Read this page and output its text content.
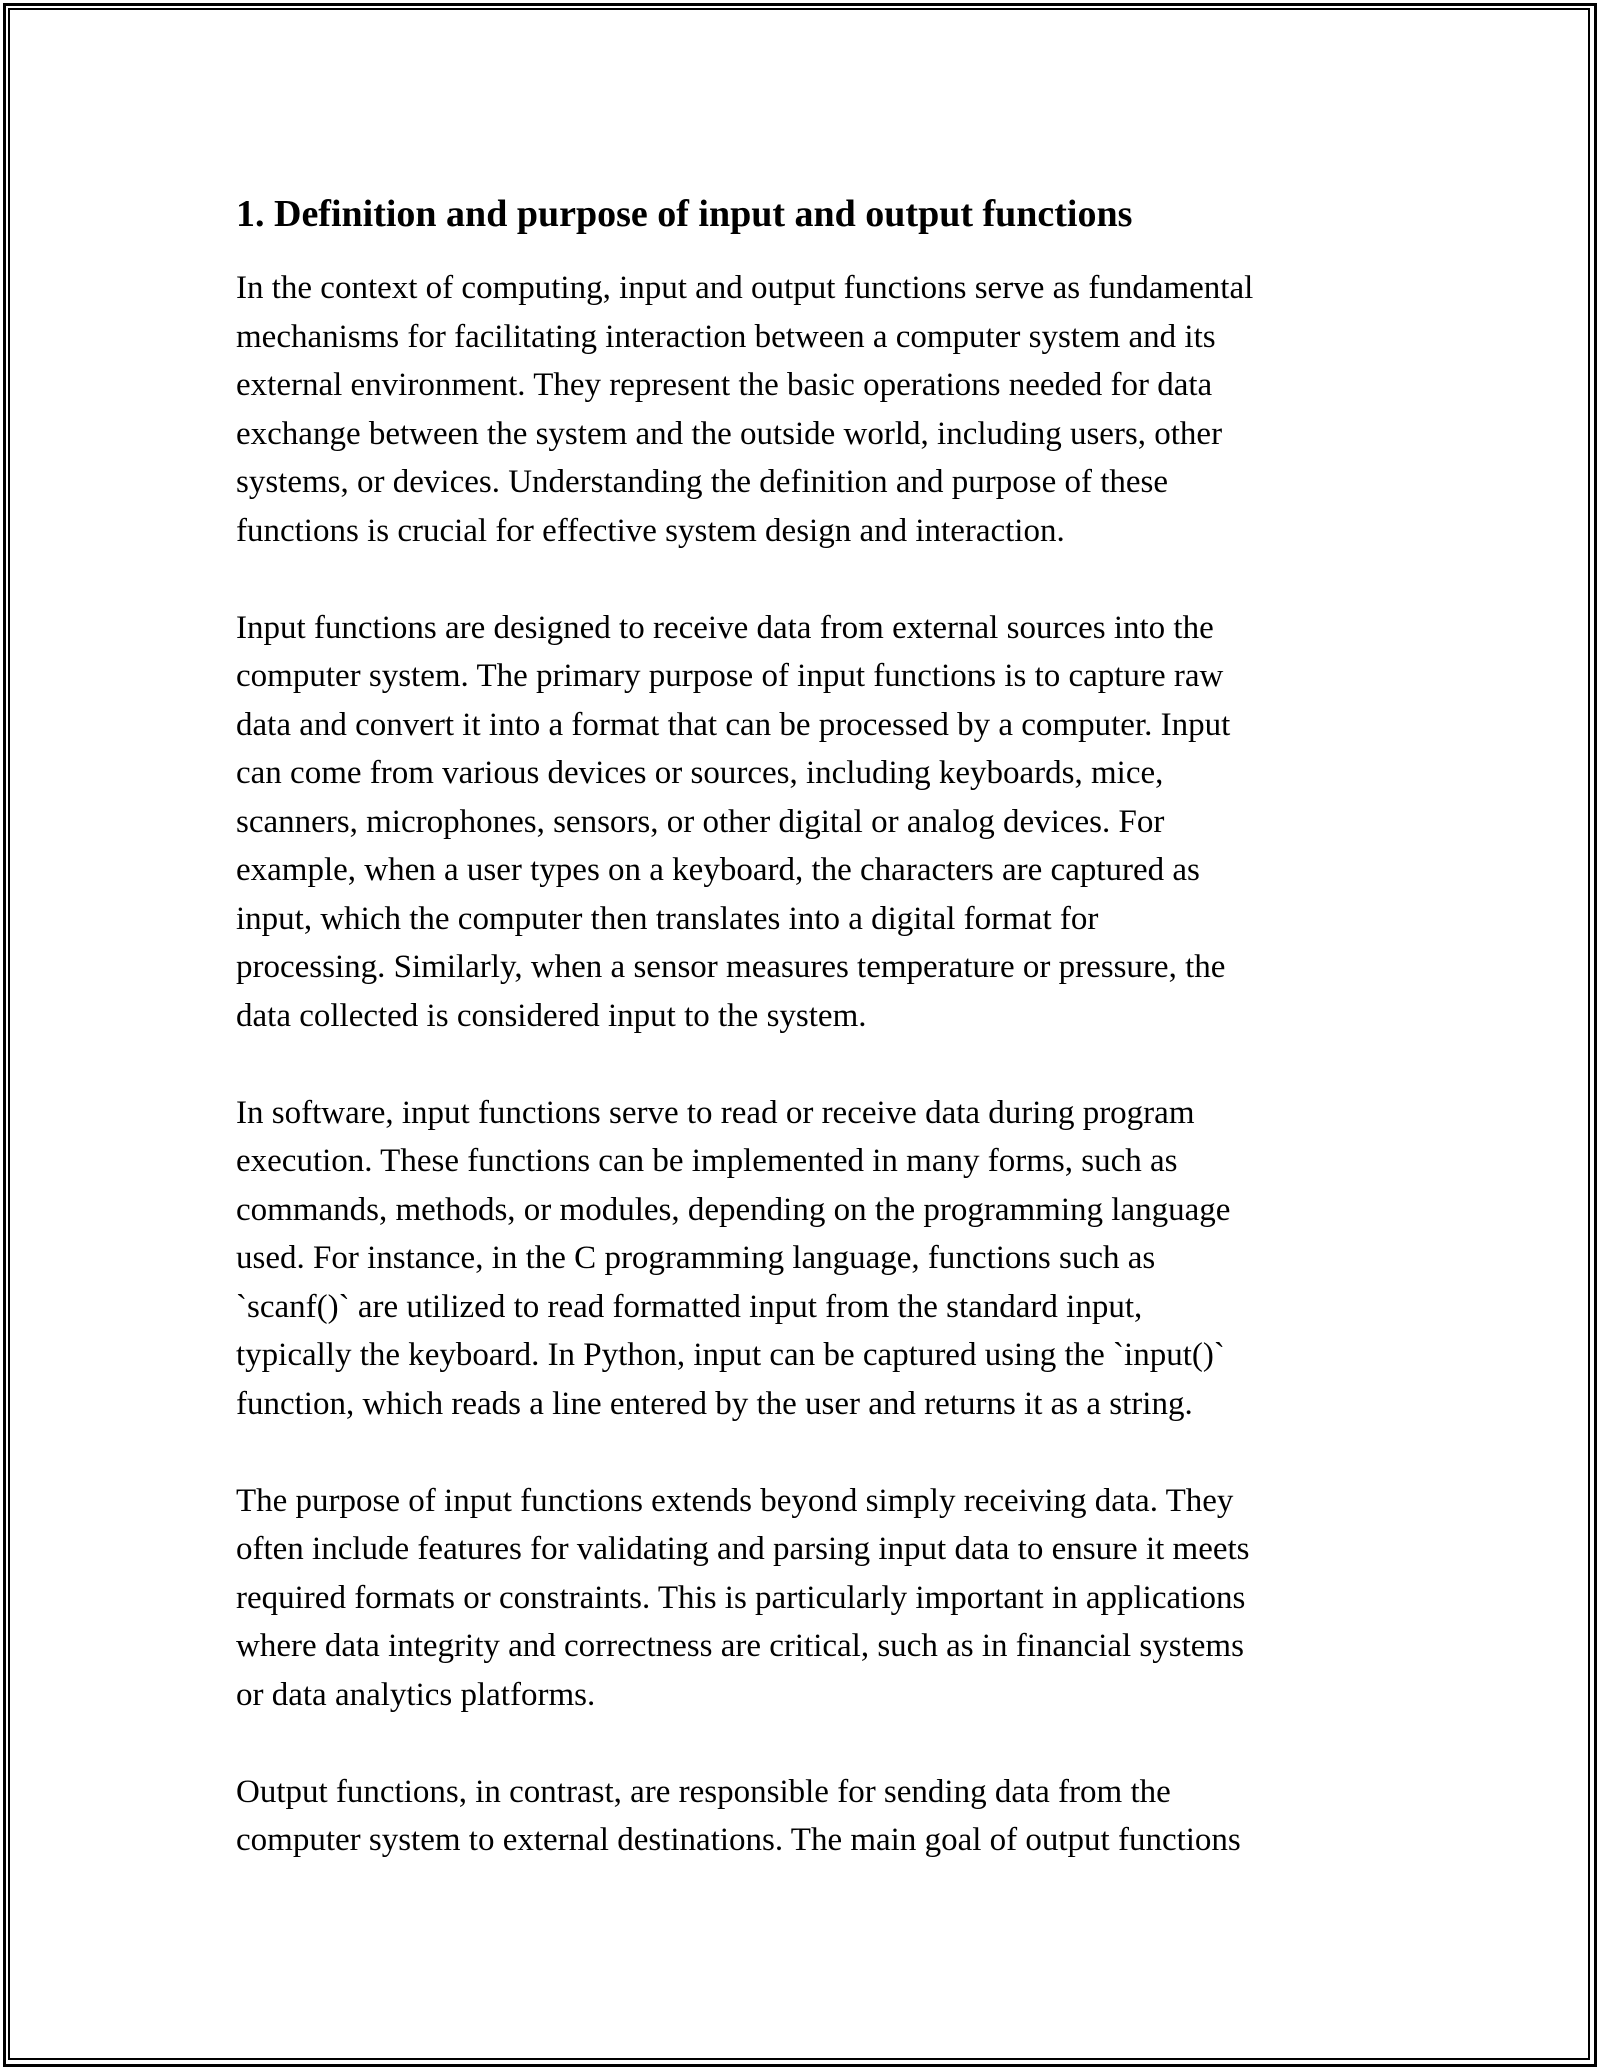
1. Definition and purpose of input and output functions

In the context of computing, input and output functions serve as fundamental
mechanisms for facilitating interaction between a computer system and its
external environment. They represent the basic operations needed for data
exchange between the system and the outside world, including users, other
systems, or devices. Understanding the definition and purpose of these
functions is crucial for effective system design and interaction.

Input functions are designed to receive data from external sources into the
computer system. The primary purpose of input functions is to capture raw
data and convert it into a format that can be processed by a computer. Input
can come from various devices or sources, including keyboards, mice,
scanners, microphones, sensors, or other digital or analog devices. For
example, when a user types on a keyboard, the characters are captured as
input, which the computer then translates into a digital format for
processing. Similarly, when a sensor measures temperature or pressure, the
data collected is considered input to the system.

In software, input functions serve to read or receive data during program
execution. These functions can be implemented in many forms, such as
commands, methods, or modules, depending on the programming language
used. For instance, in the C programming language, functions such as
`scanf()` are utilized to read formatted input from the standard input,
typically the keyboard. In Python, input can be captured using the `input()`
function, which reads a line entered by the user and returns it as a string.

The purpose of input functions extends beyond simply receiving data. They
often include features for validating and parsing input data to ensure it meets
required formats or constraints. This is particularly important in applications
where data integrity and correctness are critical, such as in financial systems
or data analytics platforms.

Output functions, in contrast, are responsible for sending data from the
computer system to external destinations. The main goal of output functions
